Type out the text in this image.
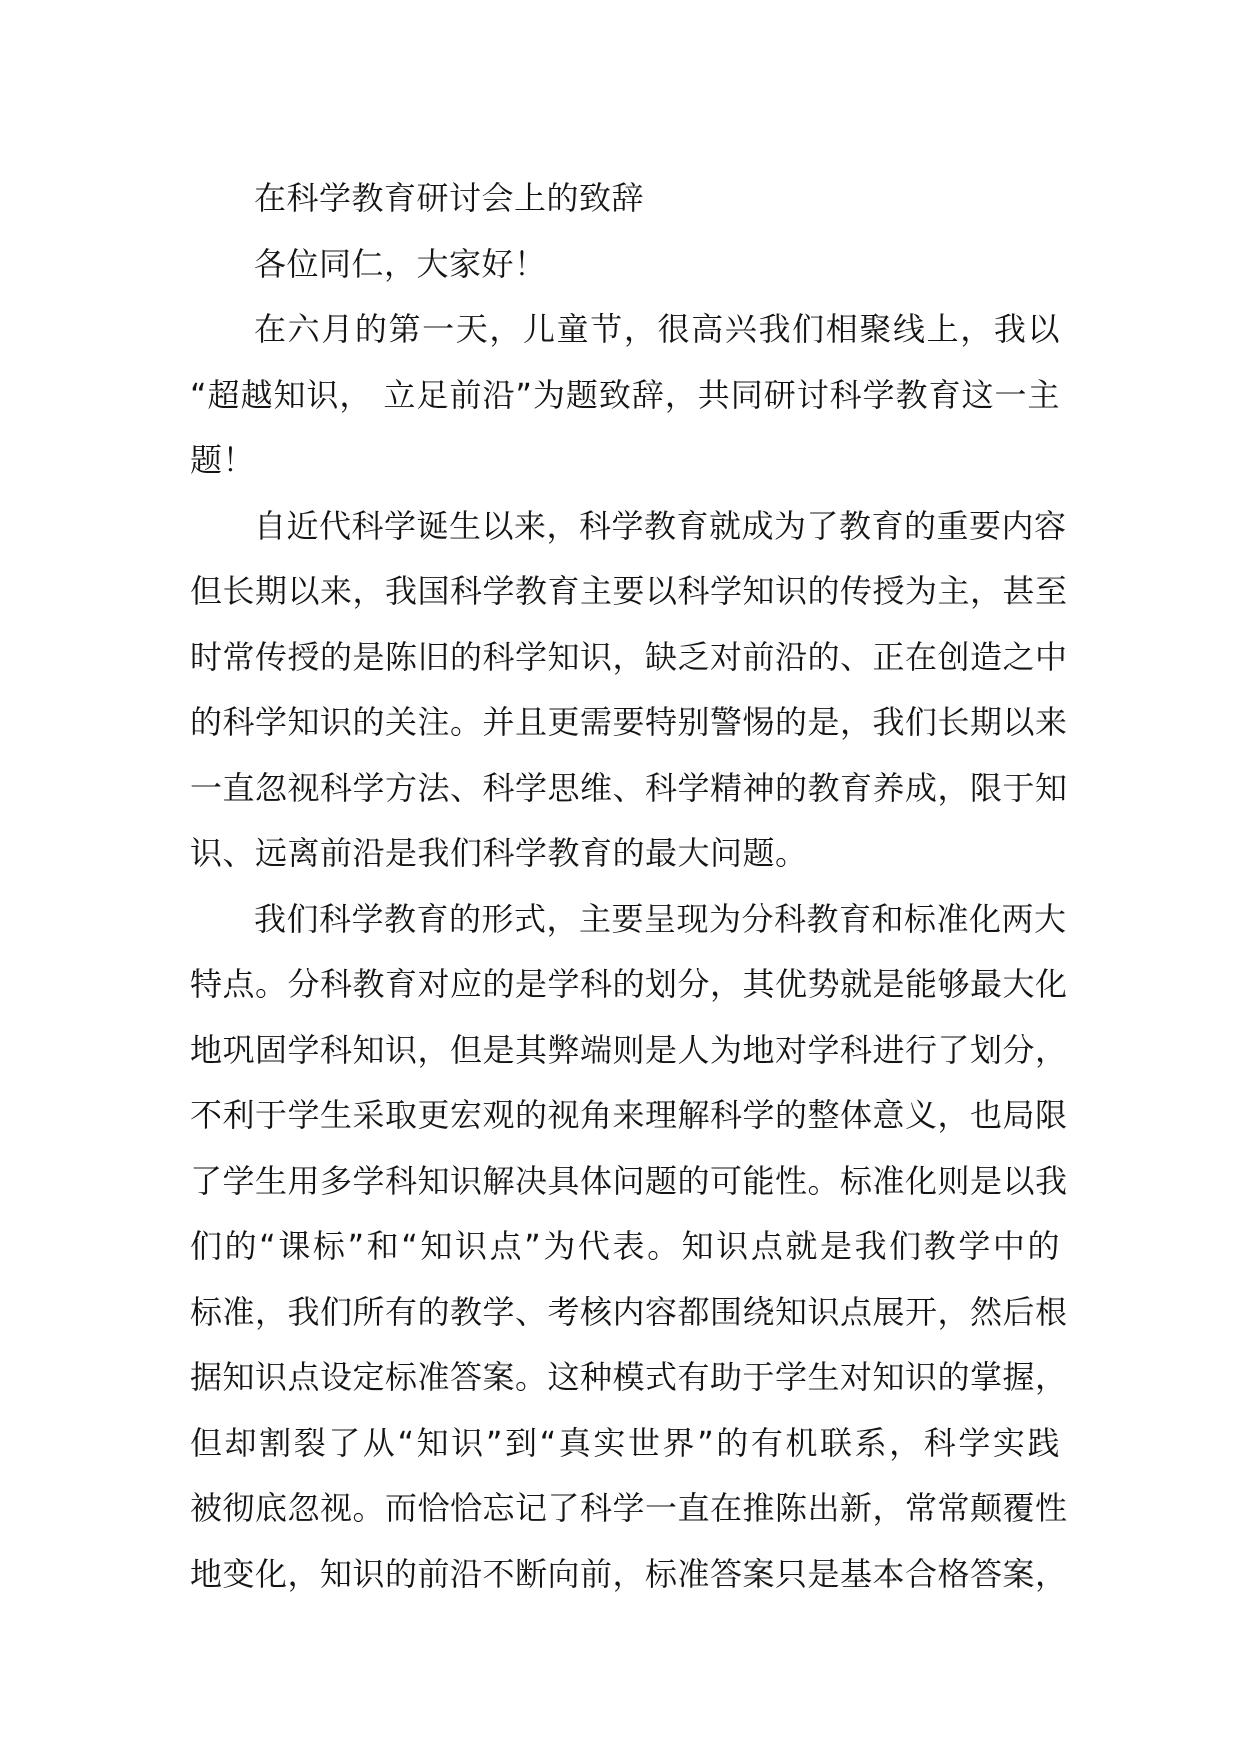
在科学教育研讨会上的致辞
各位同仁，大家好！
在六月的第一天，儿童节，很高兴我们相聚线上，我以
“超越知识， 立足前沿”为题致辞，共同研讨科学教育这一主
题！
自近代科学诞生以来，科学教育就成为了教育的重要内容
但长期以来，我国科学教育主要以科学知识的传授为主，甚至
时常传授的是陈旧的科学知识，缺乏对前沿的、正在创造之中
的科学知识的关注。并且更需要特别警惕的是，我们长期以来
一直忽视科学方法、科学思维、科学精神的教育养成，限于知
识、远离前沿是我们科学教育的最大问题。
我们科学教育的形式，主要呈现为分科教育和标准化两大
特点。分科教育对应的是学科的划分，其优势就是能够最大化
地巩固学科知识，但是其弊端则是人为地对学科进行了划分，
不利于学生采取更宏观的视角来理解科学的整体意义，也局限
了学生用多学科知识解决具体问题的可能性。标准化则是以我
们的“课标”和“知识点”为代表。知识点就是我们教学中的
标准，我们所有的教学、考核内容都围绕知识点展开，然后根
据知识点设定标准答案。这种模式有助于学生对知识的掌握，
但却割裂了从“知识”到“真实世界”的有机联系，科学实践
被彻底忽视。而恰恰忘记了科学一直在推陈出新，常常颠覆性
地变化，知识的前沿不断向前，标准答案只是基本合格答案，
